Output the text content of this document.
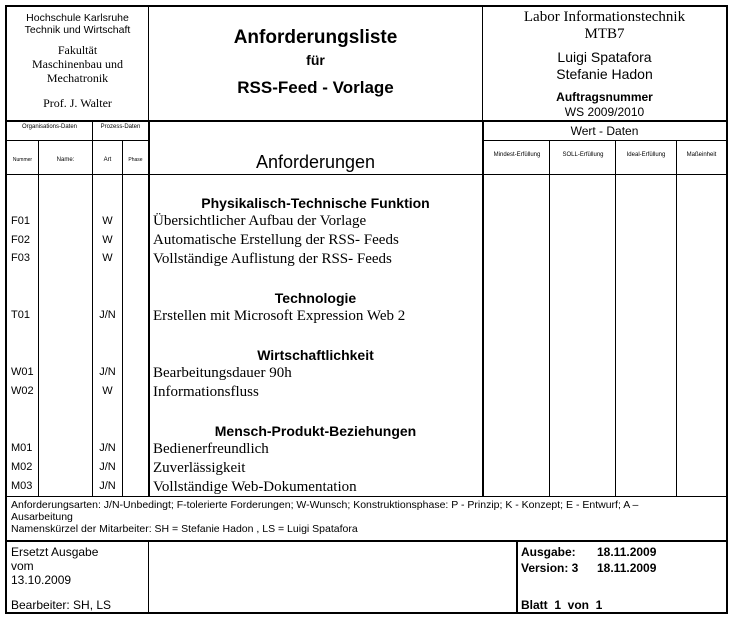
Hochschule Karlsruhe
Technik und Wirtschaft
Fakultät
Maschinenbau und
Mechatronik
Prof. J. Walter
Anforderungsliste
für
RSS-Feed - Vorlage
Labor Informationstechnik
MTB7
Luigi Spatafora
Stefanie Hadon
Auftragsnummer
WS 2009/2010
Organisations-Daten	Prozess-Daten
Nummer	Name:	Art	Phase	Anforderungen
Wert - Daten
Mindest-Erfüllung	SOLL-Erfüllung	Ideal-Erfüllung	Maßeinheit
Physikalisch-Technische Funktion
Technologie
Wirtschaftlichkeit
Mensch-Produkt-Beziehungen
F01	W	Übersichtlicher Aufbau der Vorlage
F02	W	Automatische Erstellung der RSS- Feeds
F03	W	Vollständige Auflistung der RSS- Feeds
T01	J/N	Erstellen mit Microsoft Expression Web 2
W01	J/N	Bearbeitungsdauer 90h
W02	W	Informationsfluss
M01	J/N	Bedienerfreundlich
M02	J/N	Zuverlässigkeit
M03	J/N	Vollständige Web-Dokumentation
Anforderungsarten: J/N-Unbedingt; F-tolerierte Forderungen; W-Wunsch; Konstruktionsphase: P - Prinzip; K - Konzept; E - Entwurf; A –
Ausarbeitung
Namenskürzel der Mitarbeiter: SH = Stefanie Hadon , LS = Luigi Spatafora
Ersetzt Ausgabe
vom
13.10.2009
Bearbeiter: SH, LS
Ausgabe: 18.11.2009
Version: 3 18.11.2009
Blatt  1  von  1
